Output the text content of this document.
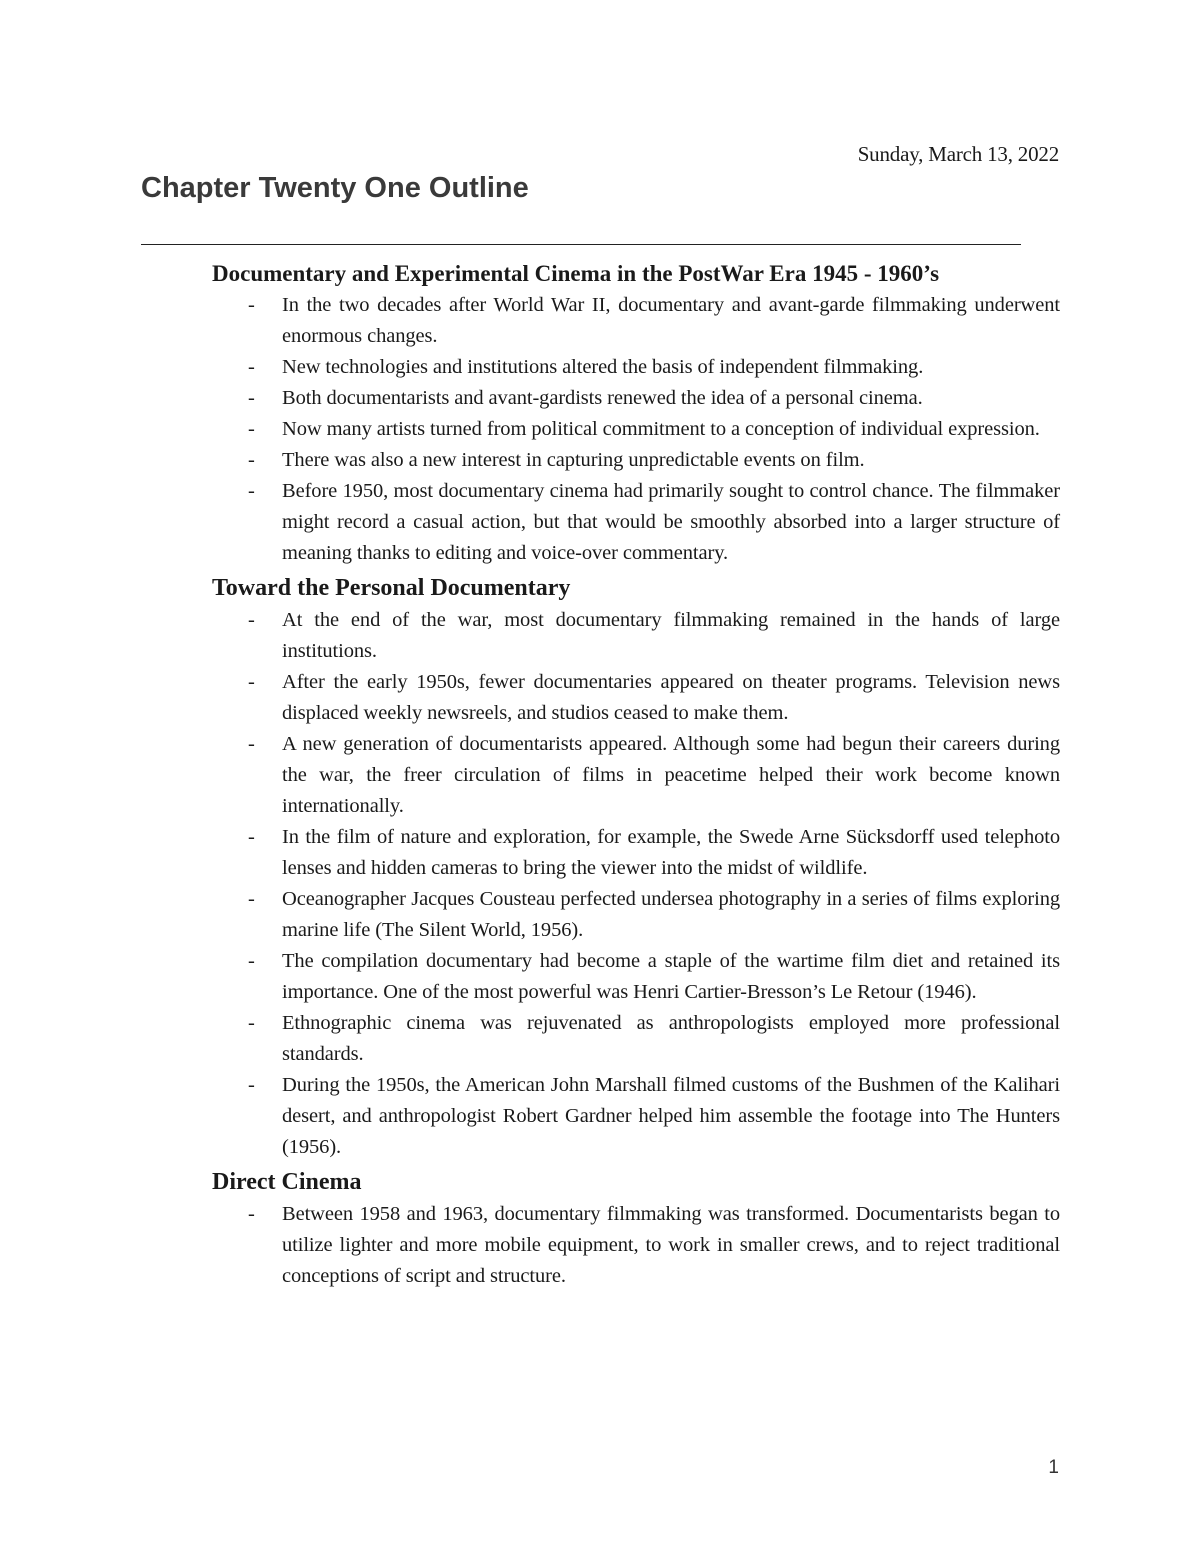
Sunday, March 13, 2022
Chapter Twenty One Outline
Documentary and Experimental Cinema in the PostWar Era 1945 - 1960’s
- In the two decades after World War II, documentary and avant-garde filmmaking underwent enormous changes.
- New technologies and institutions altered the basis of independent filmmaking.
- Both documentarists and avant-gardists renewed the idea of a personal cinema.
- Now many artists turned from political commitment to a conception of individual expression.
- There was also a new interest in capturing unpredictable events on film.
- Before 1950, most documentary cinema had primarily sought to control chance. The filmmaker might record a casual action, but that would be smoothly absorbed into a larger structure of meaning thanks to editing and voice-over commentary.
Toward the Personal Documentary
- At the end of the war, most documentary filmmaking remained in the hands of large institutions.
- After the early 1950s, fewer documentaries appeared on theater programs. Television news displaced weekly newsreels, and studios ceased to make them.
- A new generation of documentarists appeared. Although some had begun their careers during the war, the freer circulation of films in peacetime helped their work become known internationally.
- In the film of nature and exploration, for example, the Swede Arne Sücksdorff used telephoto lenses and hidden cameras to bring the viewer into the midst of wildlife.
- Oceanographer Jacques Cousteau perfected undersea photography in a series of films exploring marine life (The Silent World, 1956).
- The compilation documentary had become a staple of the wartime film diet and retained its importance. One of the most powerful was Henri Cartier-Bresson’s Le Retour (1946).
- Ethnographic cinema was rejuvenated as anthropologists employed more professional standards.
- During the 1950s, the American John Marshall filmed customs of the Bushmen of the Kalihari desert, and anthropologist Robert Gardner helped him assemble the footage into The Hunters (1956).
Direct Cinema
- Between 1958 and 1963, documentary filmmaking was transformed. Documentarists began to utilize lighter and more mobile equipment, to work in smaller crews, and to reject traditional conceptions of script and structure.
1
